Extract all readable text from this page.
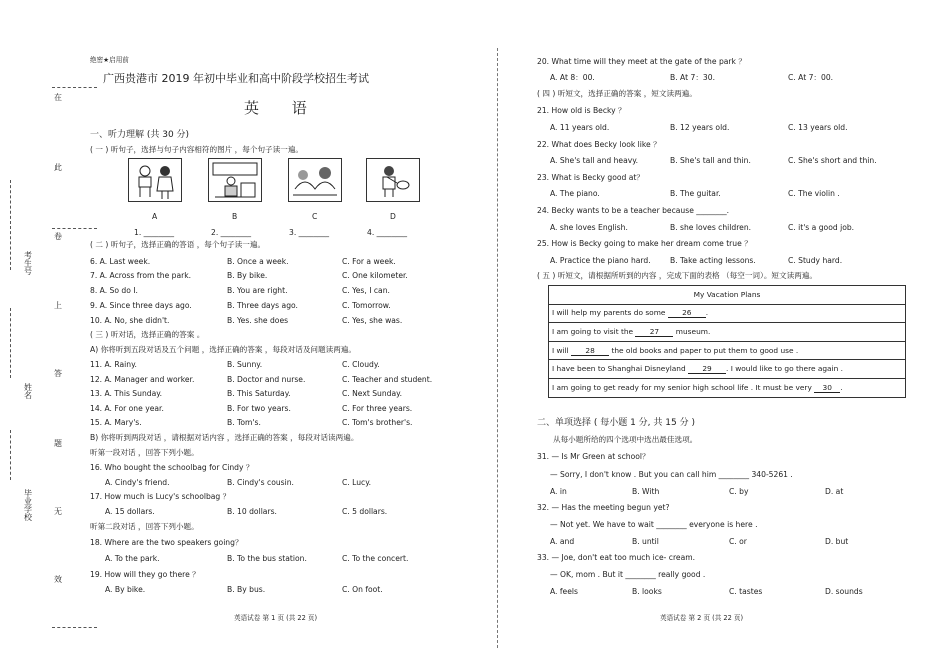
在
此
卷
上
答
题
无
效
考 生 号
姓 名
毕 业 学 校
绝密★启用前
广西贵港市 2019 年初中毕业和高中阶段学校招生考试
英 语
一、听力理解 (共 30 分)
( 一 ) 听句子，选择与句子内容相符的图片 ，每个句子读一遍。
A	B	C	D
1. ________	2. ________	3. ________	4. ________
( 二 ) 听句子，选择正确的答语 ，每个句子读一遍。
6. A. Last week.	B. Once a week.	C. For a week.
7. A. Across from the park.	B. By bike.	C. One kilometer.
8. A. So do I.	B. You are right.	C. Yes, I can.
9. A. Since three days ago.	B. Three days ago.	C. Tomorrow.
10. A. No, she didn't.	B. Yes. she does	C. Yes, she was.
( 三 ) 听对话，选择正确的答案 。
A) 你将听到五段对话及五个问题 ，选择正确的答案 ，每段对话及问题读两遍。
11. A. Rainy.	B. Sunny.	C. Cloudy.
12. A. Manager and worker.	B. Doctor and nurse.	C. Teacher and student.
13. A. This Sunday.	B. This Saturday.	C. Next Sunday.
14. A. For one year.	B. For two years.	C. For three years.
15. A. Mary's.	B. Tom's.	C. Tom's brother's.
B) 你将听到两段对话 ，请根据对话内容 ，选择正确的答案 ，每段对话读两遍。
听第一段对话 ，回答下列小题。
16. Who bought the schoolbag for Cindy ？
A. Cindy's friend.	B. Cindy's cousin.	C. Lucy.
17. How much is Lucy's schoolbag ？
A. 15 dollars.	B. 10 dollars.	C. 5 dollars.
听第二段对话 ，回答下列小题。
18. Where are the two speakers going？
A. To the park.	B. To the bus station.	C. To the concert.
19. How will they go there ？
A. By bike.	B. By bus.	C. On foot.
英语试卷 第 1 页 (共 22 页)
20. What time will they meet at the gate of the park ？
A. At 8：00.	B. At 7：30.	C. At 7：00.
( 四 ) 听短文，选择正确的答案 ，短文读两遍。
21. How old is Becky ？
A. 11 years old.	B. 12 years old.	C. 13 years old.
22. What does Becky look like ？
A. She's tall and heavy.	B. She's tall and thin.	C. She's short and thin.
23. What is Becky good at？
A. The piano.	B. The guitar.	C. The violin .
24. Becky wants to be a teacher because ________.
A. she loves English.	B. she loves children.	C. it's a good job.
25. How is Becky going to make her dream come true ？
A. Practice the piano hard.	B. Take acting lessons.	C. Study hard.
( 五 ) 听短文，请根据所听到的内容 ，完成下面的表格 （每空一词）。短文读两遍。
My Vacation Plans
I will help my parents do some 26 .
I am going to visit the 27 museum.
I will 28 the old books and paper to put them to good use .
I have been to Shanghai Disneyland 29 . I would like to go there again .
I am going to get ready for my senior high school life . It must be very 30 .
二、单项选择 ( 每小题 1 分, 共 15 分 )
从每小题所给的四个选项中选出最佳选项。
31. — Is Mr Green at school？
— Sorry, I don't know . But you can call him ________ 340-5261 .
A. in	B. With	C. by	D. at
32. — Has the meeting begun yet?
— Not yet. We have to wait ________ everyone is here .
A. and	B. until	C. or	D. but
33. — Joe, don't eat too much ice- cream.
— OK, mom . But it ________ really good .
A. feels	B. looks	C. tastes	D. sounds
英语试卷 第 2 页 (共 22 页)
